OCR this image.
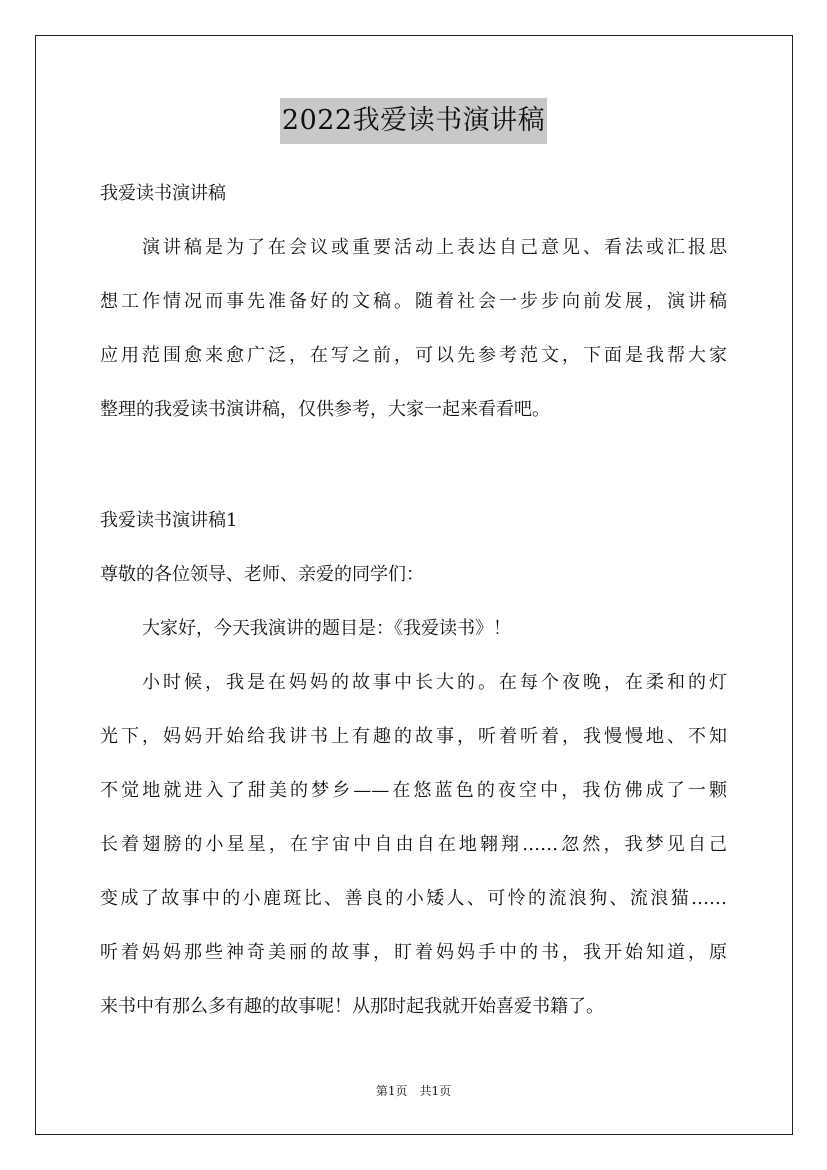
2022我爱读书演讲稿
我爱读书演讲稿
演讲稿是为了在会议或重要活动上表达自己意见、看法或汇报思
想工作情况而事先准备好的文稿。随着社会一步步向前发展，演讲稿
应用范围愈来愈广泛，在写之前，可以先参考范文，下面是我帮大家
整理的我爱读书演讲稿，仅供参考，大家一起来看看吧。
我爱读书演讲稿1
尊敬的各位领导、老师、亲爱的同学们：
大家好，今天我演讲的题目是：《我爱读书》！
小时候，我是在妈妈的故事中长大的。在每个夜晚，在柔和的灯
光下，妈妈开始给我讲书上有趣的故事，听着听着，我慢慢地、不知
不觉地就进入了甜美的梦乡——在悠蓝色的夜空中，我仿佛成了一颗
长着翅膀的小星星，在宇宙中自由自在地翱翔……忽然，我梦见自己
变成了故事中的小鹿斑比、善良的小矮人、可怜的流浪狗、流浪猫……
听着妈妈那些神奇美丽的故事，盯着妈妈手中的书，我开始知道，原
来书中有那么多有趣的故事呢！从那时起我就开始喜爱书籍了。
第1页　共1页
